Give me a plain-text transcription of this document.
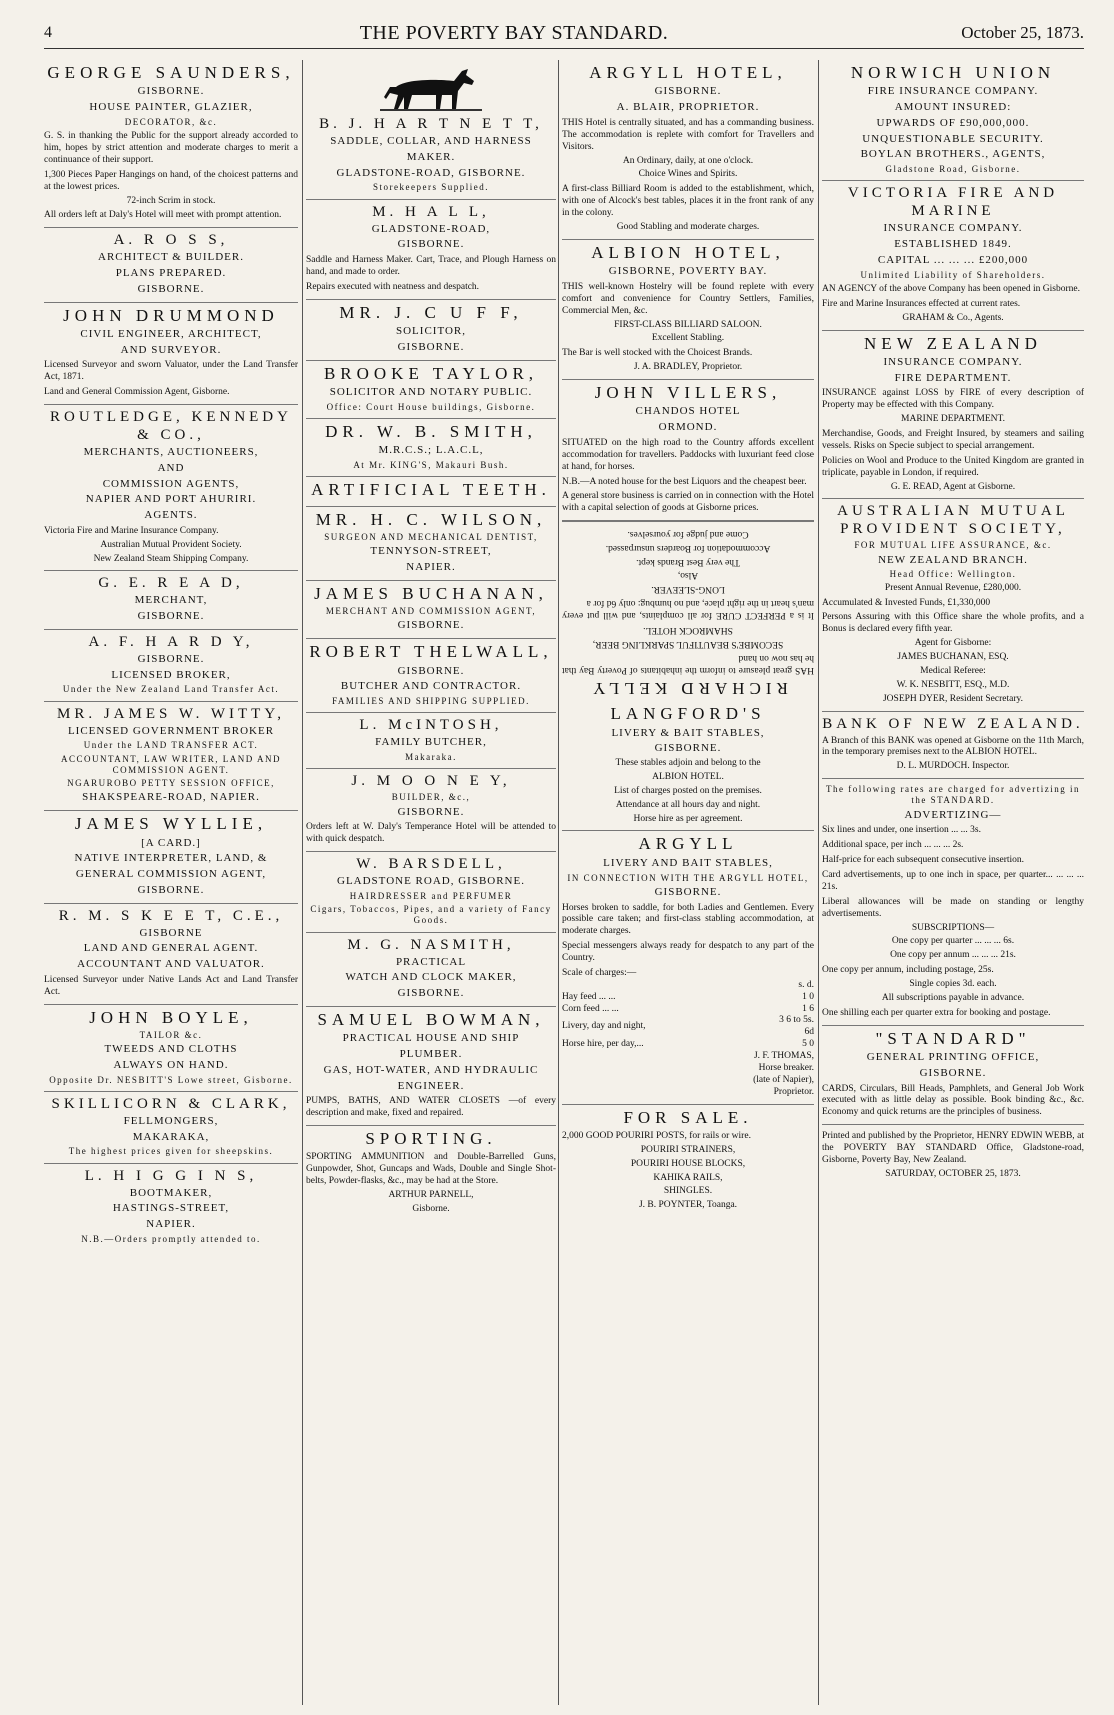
4	THE POVERTY BAY STANDARD.	October 25, 1873.
GEORGE SAUNDERS,
GISBORNE.
HOUSE PAINTER, GLAZIER,
DECORATOR, &c.
G. S. in thanking the Public for the support already accorded to him, hopes by strict attention and moderate charges to merit a continuance of their support.
1,300 Pieces Paper Hangings on hand, of the choicest patterns and at the lowest prices.
72-inch Scrim in stock.
All orders left at Daly's Hotel will meet with prompt attention.
A. R O S S,
ARCHITECT & BUILDER.
PLANS PREPARED.
GISBORNE.
JOHN DRUMMOND
CIVIL ENGINEER, ARCHITECT,
AND SURVEYOR.
Licensed Surveyor and sworn Valuator, under the Land Transfer Act, 1871.
Land and General Commission Agent, Gisborne.
ROUTLEDGE, KENNEDY & CO.,
MERCHANTS, AUCTIONEERS,
AND
COMMISSION AGENTS,
NAPIER AND PORT AHURIRI.
AGENTS.
Victoria Fire and Marine Insurance Company.
Australian Mutual Provident Society.
New Zealand Steam Shipping Company.
G. E. R E A D,
MERCHANT,
GISBORNE.
A. F. H A R D Y,
GISBORNE.
LICENSED BROKER,
Under the New Zealand Land Transfer Act.
MR. JAMES W. WITTY,
LICENSED GOVERNMENT BROKER
Under the LAND TRANSFER ACT.
ACCOUNTANT, LAW WRITER, LAND AND COMMISSION AGENT.
NGARUROBO PETTY SESSION OFFICE,
SHAKSPEARE-ROAD, NAPIER.
JAMES WYLLIE,
[A CARD.]
NATIVE INTERPRETER, LAND, &
GENERAL COMMISSION AGENT,
GISBORNE.
R. M. S K E E T, C.E.,
GISBORNE
LAND AND GENERAL AGENT.
ACCOUNTANT AND VALUATOR.
Licensed Surveyor under Native Lands Act and Land Transfer Act.
JOHN BOYLE,
TAILOR &c.
TWEEDS AND CLOTHS
ALWAYS ON HAND.
Opposite Dr. NESBITT'S Lowe street, Gisborne.
SKILLICORN & CLARK,
FELLMONGERS,
MAKARAKA,
The highest prices given for sheepskins.
L. H I G G I N S,
BOOTMAKER,
HASTINGS-STREET,
NAPIER.
N.B.—Orders promptly attended to.
B. J. H A R T N E T T,
SADDLE, COLLAR, AND HARNESS
MAKER.
GLADSTONE-ROAD, GISBORNE.
Storekeepers Supplied.
M. H A L L,
GLADSTONE-ROAD,
GISBORNE.
Saddle and Harness Maker. Cart, Trace, and Plough Harness on hand, and made to order.
Repairs executed with neatness and despatch.
MR. J. C U F F,
SOLICITOR,
GISBORNE.
BROOKE TAYLOR,
SOLICITOR AND NOTARY PUBLIC.
Office: Court House buildings, Gisborne.
DR. W. B. SMITH,
M.R.C.S.; L.A.C.L,
At Mr. KING'S, Makauri Bush.
ARTIFICIAL TEETH.
MR. H. C. WILSON,
SURGEON AND MECHANICAL DENTIST,
TENNYSON-STREET,
NAPIER.
JAMES BUCHANAN,
MERCHANT AND COMMISSION AGENT,
GISBORNE.
ROBERT THELWALL,
GISBORNE.
BUTCHER AND CONTRACTOR.
FAMILIES AND SHIPPING SUPPLIED.
L. McINTOSH,
FAMILY BUTCHER,
Makaraka.
J. M O O N E Y,
BUILDER, &c.,
GISBORNE.
Orders left at W. Daly's Temperance Hotel will be attended to with quick despatch.
W. BARSDELL,
GLADSTONE ROAD, GISBORNE.
HAIRDRESSER and PERFUMER
Cigars, Tobaccos, Pipes, and a variety of Fancy Goods.
M. G. NASMITH,
PRACTICAL
WATCH AND CLOCK MAKER,
GISBORNE.
SAMUEL BOWMAN,
PRACTICAL HOUSE AND SHIP
PLUMBER.
GAS, HOT-WATER, AND HYDRAULIC
ENGINEER.
PUMPS, BATHS, AND WATER CLOSETS —of every description and make, fixed and repaired.
SPORTING.
SPORTING AMMUNITION and Double-Barrelled Guns, Gunpowder, Shot, Guncaps and Wads, Double and Single Shot-belts, Powder-flasks, &c., may be had at the Store.
ARTHUR PARNELL,
Gisborne.
ARGYLL HOTEL,
GISBORNE.
A. BLAIR, PROPRIETOR.
THIS Hotel is centrally situated, and has a commanding business. The accommodation is replete with comfort for Travellers and Visitors.
An Ordinary, daily, at one o'clock.
Choice Wines and Spirits.
A first-class Billiard Room is added to the establishment, which, with one of Alcock's best tables, places it in the front rank of any in the colony.
Good Stabling and moderate charges.
ALBION HOTEL,
GISBORNE, POVERTY BAY.
THIS well-known Hostelry will be found replete with every comfort and convenience for Country Settlers, Families, Commercial Men, &c.
FIRST-CLASS BILLIARD SALOON.
Excellent Stabling.
The Bar is well stocked with the Choicest Brands.
J. A. BRADLEY, Proprietor.
JOHN VILLERS,
CHANDOS HOTEL
ORMOND.
SITUATED on the high road to the Country affords excellent accommodation for travellers. Paddocks with luxuriant feed close at hand, for horses.
N.B.—A noted house for the best Liquors and the cheapest beer.
A general store business is carried on in connection with the Hotel with a capital selection of goods at Gisborne prices.
RICHARD KELLY
HAS great pleasure to inform the inhabitants of Poverty Bay that he has now on hand
SECOMBE'S BEAUTIFUL SPARKLING BEER,
SHAMROCK HOTEL.
It is a PERFECT CURE for all complaints, and will put every man's heart in the right place, and no humbug: only 6d for a
LONG-SLEEVER.
Also,
The very Best Brands kept.
Accommodation for Boarders unsurpassed.
Come and judge for yourselves.
LANGFORD'S
LIVERY & BAIT STABLES,
GISBORNE.
These stables adjoin and belong to the
ALBION HOTEL.
List of charges posted on the premises.
Attendance at all hours day and night.
Horse hire as per agreement.
ARGYLL
LIVERY AND BAIT STABLES,
IN CONNECTION WITH THE ARGYLL HOTEL,
GISBORNE.
Horses broken to saddle, for both Ladies and Gentlemen. Every possible care taken; and first-class stabling accommodation, at moderate charges.
Special messengers always ready for despatch to any part of the Country.
Scale of charges:—
	s. d.
Hay feed ... ...	1 0
Corn feed ... ...	1 6
Livery, day and night,	3 6 to 5s. 6d
Horse hire, per day,...	5 0
J. F. THOMAS,
Horse breaker.
(late of Napier),
Proprietor.
FOR SALE.
2,000 GOOD POURIRI POSTS, for rails or wire.
POURIRI STRAINERS,
POURIRI HOUSE BLOCKS,
KAHIKA RAILS,
SHINGLES.
J. B. POYNTER, Toanga.
NORWICH UNION
FIRE INSURANCE COMPANY.
AMOUNT INSURED:
UPWARDS OF £90,000,000.
UNQUESTIONABLE SECURITY.
BOYLAN BROTHERS., AGENTS,
Gladstone Road, Gisborne.
VICTORIA FIRE AND MARINE
INSURANCE COMPANY.
ESTABLISHED 1849.
CAPITAL ... ... ... £200,000
Unlimited Liability of Shareholders.
AN AGENCY of the above Company has been opened in Gisborne.
Fire and Marine Insurances effected at current rates.
GRAHAM & Co., Agents.
NEW ZEALAND
INSURANCE COMPANY.
FIRE DEPARTMENT.
INSURANCE against LOSS by FIRE of every description of Property may be effected with this Company.
MARINE DEPARTMENT.
Merchandise, Goods, and Freight Insured, by steamers and sailing vessels. Risks on Specie subject to special arrangement.
Policies on Wool and Produce to the United Kingdom are granted in triplicate, payable in London, if required.
G. E. READ, Agent at Gisborne.
AUSTRALIAN MUTUAL PROVIDENT SOCIETY,
FOR MUTUAL LIFE ASSURANCE, &c.
NEW ZEALAND BRANCH.
Head Office: Wellington.
Present Annual Revenue, £280,000.
Accumulated & Invested Funds, £1,330,000
Persons Assuring with this Office share the whole profits, and a Bonus is declared every fifth year.
Agent for Gisborne:
JAMES BUCHANAN, ESQ.
Medical Referee:
W. K. NESBITT, ESQ., M.D.
JOSEPH DYER, Resident Secretary.
BANK OF NEW ZEALAND.
A Branch of this BANK was opened at Gisborne on the 11th March, in the temporary premises next to the ALBION HOTEL.
D. L. MURDOCH. Inspector.
The following rates are charged for advertizing in the STANDARD.
ADVERTIZING—
Six lines and under, one insertion ... ... 3s.
Additional space, per inch ... ... ... 2s.
Half-price for each subsequent consecutive insertion.
Card advertisements, up to one inch in space, per quarter... ... ... ... 21s.
Liberal allowances will be made on standing or lengthy advertisements.
SUBSCRIPTIONS—
One copy per quarter ... ... ... 6s.
One copy per annum ... ... ... 21s.
One copy per annum, including postage, 25s.
Single copies 3d. each.
All subscriptions payable in advance.
One shilling each per quarter extra for booking and postage.
"STANDARD"
GENERAL PRINTING OFFICE,
GISBORNE.
CARDS, Circulars, Bill Heads, Pamphlets, and General Job Work executed with as little delay as possible. Book binding &c., &c. Economy and quick returns are the principles of business.
Printed and published by the Proprietor, HENRY EDWIN WEBB, at the POVERTY BAY STANDARD Office, Gladstone-road, Gisborne, Poverty Bay, New Zealand.
SATURDAY, OCTOBER 25, 1873.
